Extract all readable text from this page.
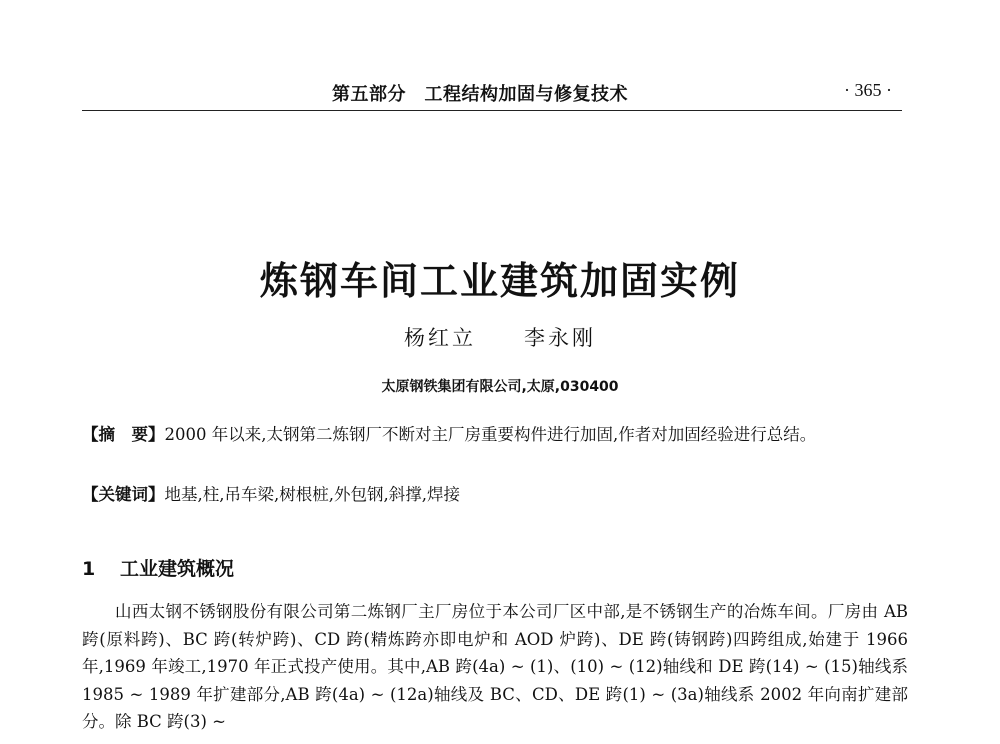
第五部分　工程结构加固与修复技术	· 365 ·
炼钢车间工业建筑加固实例
杨红立　　李永刚
太原钢铁集团有限公司,太原,030400
【摘　要】2000 年以来,太钢第二炼钢厂不断对主厂房重要构件进行加固,作者对加固经验进行总结。
【关键词】地基,柱,吊车梁,树根桩,外包钢,斜撑,焊接
1 工业建筑概况
山西太钢不锈钢股份有限公司第二炼钢厂主厂房位于本公司厂区中部,是不锈钢生产的冶炼车间。厂房由 AB 跨(原料跨)、BC 跨(转炉跨)、CD 跨(精炼跨亦即电炉和 AOD 炉跨)、DE 跨(铸钢跨)四跨组成,始建于 1966 年,1969 年竣工,1970 年正式投产使用。其中,AB 跨(4a) ~ (1)、(10) ~ (12)轴线和 DE 跨(14) ~ (15)轴线系 1985 ~ 1989 年扩建部分,AB 跨(4a) ~ (12a)轴线及 BC、CD、DE 跨(1) ~ (3a)轴线系 2002 年向南扩建部分。除 BC 跨(3) ~
